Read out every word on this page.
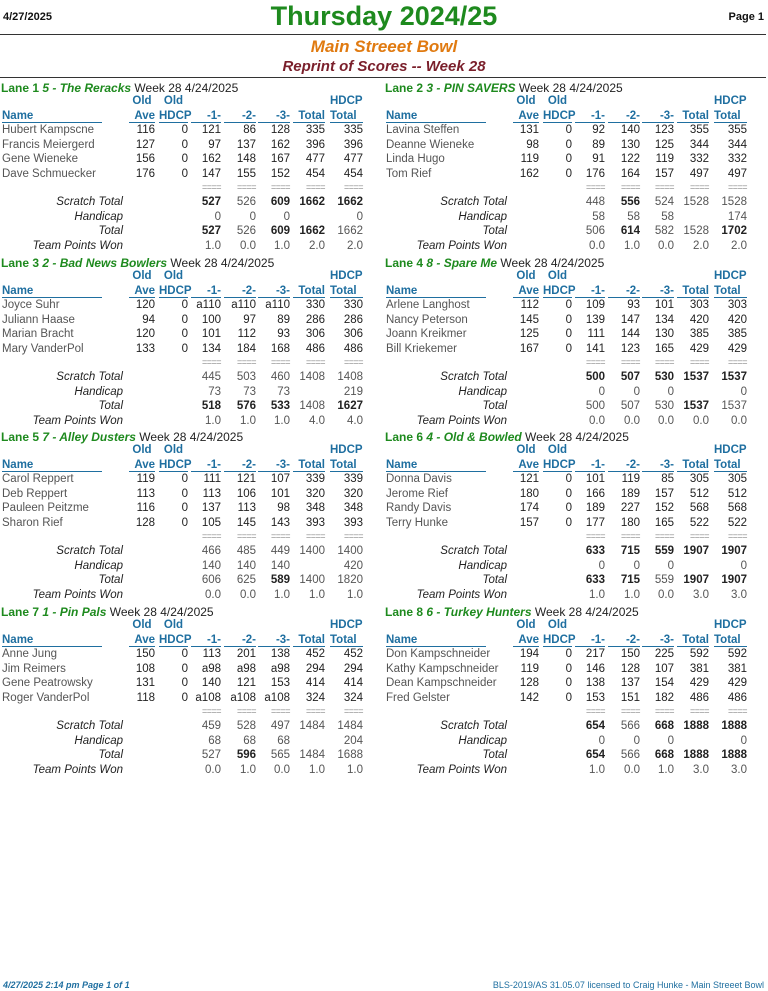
4/27/2025	Thursday 2024/25	Page 1
Main Streeet Bowl
Reprint of Scores -- Week 28
Lane 1 5 - The Reracks Week 28 4/24/2025
Old	Old	HDCP
Name	Ave HDCP	-1-	-2-	-3- Total Total
Hubert Kampscne	116	0	121	86	128	335	335
Francis Meiergerd	127	0	97	137	162	396	396
Gene Wieneke	156	0	162	148	167	477	477
Dave Schmuecker	176	0	147	155	152	454	454
====	====	====	====	====
Scratch Total	527	526	609 1662	1662
Handicap	0	0	0	0
Total	527	526	609 1662	1662
Team Points Won	1.0	0.0	1.0	2.0	2.0
Lane 2 3 - PIN SAVERS Week 28 4/24/2025
Old	Old	HDCP
Name	Ave HDCP	-1-	-2-	-3- Total Total
Lavina Steffen	131	0	92	140	123	355	355
Deanne Wieneke	98	0	89	130	125	344	344
Linda Hugo	119	0	91	122	119	332	332
Tom Rief	162	0	176	164	157	497	497
====	====	====	====	====
Scratch Total	448	556	524 1528	1528
Handicap	58	58	58	174
Total	506	614	582 1528	1702
Team Points Won	0.0	1.0	0.0	2.0	2.0
Lane 3 2 - Bad News Bowlers Week 28 4/24/2025
Old	Old	HDCP
Name	Ave HDCP	-1-	-2-	-3- Total Total
Joyce Suhr	120	0 a110 a110 a110	330	330
Juliann Haase	94	0	100	97	89	286	286
Marian Bracht	120	0	101	112	93	306	306
Mary VanderPol	133	0	134	184	168	486	486
====	====	====	====	====
Scratch Total	445	503	460 1408	1408
Handicap	73	73	73	219
Total	518	576	533 1408	1627
Team Points Won	1.0	1.0	1.0	4.0	4.0
Lane 4 8 - Spare Me Week 28 4/24/2025
Old	Old	HDCP
Name	Ave HDCP	-1-	-2-	-3- Total Total
Arlene Langhost	112	0	109	93	101	303	303
Nancy Peterson	145	0	139	147	134	420	420
Joann Kreikmer	125	0	111	144	130	385	385
Bill Kriekemer	167	0	141	123	165	429	429
====	====	====	====	====
Scratch Total	500	507	530 1537	1537
Handicap	0	0	0	0
Total	500	507	530 1537	1537
Team Points Won	0.0	0.0	0.0	0.0	0.0
Lane 5 7 - Alley Dusters Week 28 4/24/2025
Old	Old	HDCP
Name	Ave HDCP	-1-	-2-	-3- Total Total
Carol Reppert	119	0	111	121	107	339	339
Deb Reppert	113	0	113	106	101	320	320
Pauleen Peitzme	116	0	137	113	98	348	348
Sharon Rief	128	0	105	145	143	393	393
====	====	====	====	====
Scratch Total	466	485	449 1400	1400
Handicap	140	140	140	420
Total	606	625	589 1400	1820
Team Points Won	0.0	0.0	1.0	1.0	1.0
Lane 6 4 - Old & Bowled Week 28 4/24/2025
Old	Old	HDCP
Name	Ave HDCP	-1-	-2-	-3- Total Total
Donna Davis	121	0	101	119	85	305	305
Jerome Rief	180	0	166	189	157	512	512
Randy Davis	174	0	189	227	152	568	568
Terry Hunke	157	0	177	180	165	522	522
====	====	====	====	====
Scratch Total	633	715	559 1907	1907
Handicap	0	0	0	0
Total	633	715	559 1907	1907
Team Points Won	1.0	1.0	0.0	3.0	3.0
Lane 7 1 - Pin Pals Week 28 4/24/2025
Old	Old	HDCP
Name	Ave HDCP	-1-	-2-	-3- Total Total
Anne Jung	150	0	113	201	138	452	452
Jim Reimers	108	0	a98	a98	a98	294	294
Gene Peatrowsky	131	0	140	121	153	414	414
Roger VanderPol	118	0 a108 a108 a108	324	324
====	====	====	====	====
Scratch Total	459	528	497 1484	1484
Handicap	68	68	68	204
Total	527	596	565 1484	1688
Team Points Won	0.0	1.0	0.0	1.0	1.0
Lane 8 6 - Turkey Hunters Week 28 4/24/2025
Old	Old	HDCP
Name	Ave HDCP	-1-	-2-	-3- Total Total
Don Kampschneider	194	0	217	150	225	592	592
Kathy Kampschneider	119	0	146	128	107	381	381
Dean Kampschneider	128	0	138	137	154	429	429
Fred Gelster	142	0	153	151	182	486	486
====	====	====	====	====
Scratch Total	654	566	668 1888	1888
Handicap	0	0	0	0
Total	654	566	668 1888	1888
Team Points Won	1.0	0.0	1.0	3.0	3.0
4/27/2025 2:14 pm Page 1 of 1	BLS-2019/AS 31.05.07 licensed to Craig Hunke - Main Streeet Bowl
